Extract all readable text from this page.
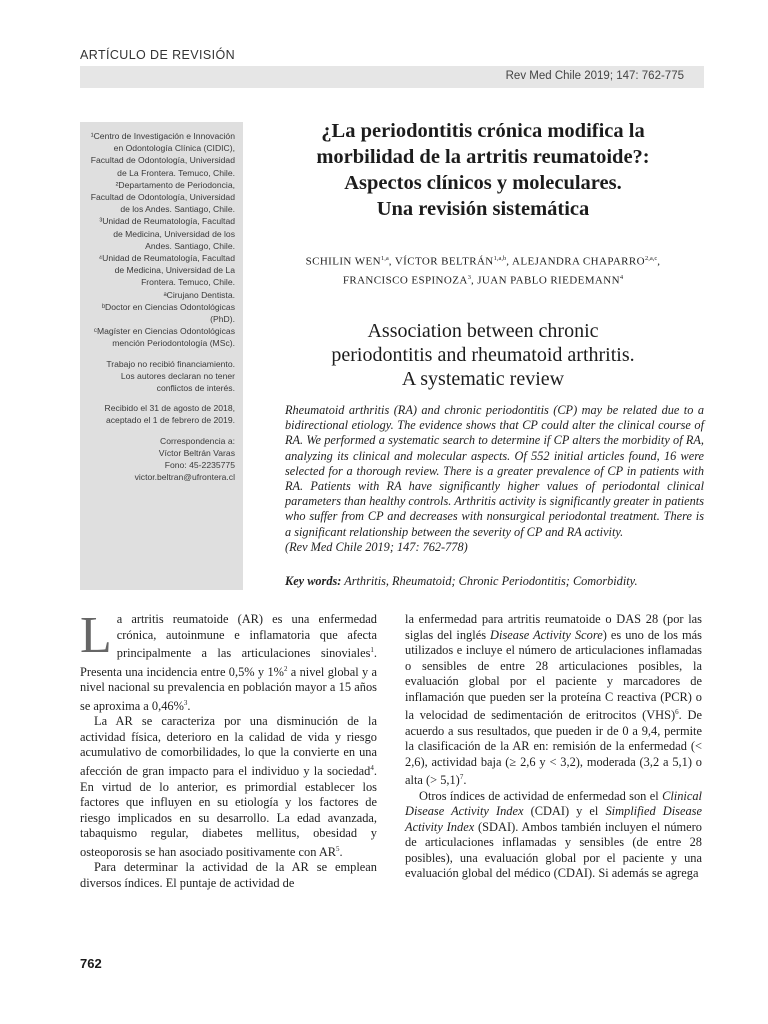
ARTÍCULO DE REVISIÓN
Rev Med Chile 2019; 147: 762-775

¹Centro de Investigación e Innovación en Odontología Clínica (CIDIC), Facultad de Odontología, Universidad de La Frontera. Temuco, Chile.

²Departamento de Periodoncia, Facultad de Odontología, Universidad de los Andes. Santiago, Chile.

³Unidad de Reumatología, Facultad de Medicina, Universidad de los Andes. Santiago, Chile.

⁴Unidad de Reumatología, Facultad de Medicina, Universidad de La Frontera. Temuco, Chile.

ᵃCirujano Dentista.

ᵇDoctor en Ciencias Odontológicas (PhD).

ᶜMagíster en Ciencias Odontológicas mención Periodontología (MSc).

Trabajo no recibió financiamiento.

Los autores declaran no tener conflictos de interés.

Recibido el 31 de agosto de 2018, aceptado el 1 de febrero de 2019.

Correspondencia a:

Víctor Beltrán Varas

Fono: 45-2235775

victor.beltran@ufrontera.cl

¿La periodontitis crónica modifica la
morbilidad de la artritis reumatoide?:
Aspectos clínicos y moleculares.
Una revisión sistemática
SCHILIN WEN$^{1,a}$, VÍCTOR BELTRÁN$^{1,a,b}$, ALEJANDRA CHAPARRO$^{2,a,c}$,
FRANCISCO ESPINOZA$^3$, JUAN PABLO RIEDEMANN$^4$
Association between chronic
periodontitis and rheumatoid arthritis.
A systematic review

Rheumatoid arthritis (RA) and chronic periodontitis (CP) may be related due to a bidirectional etiology. The evidence shows that CP could alter the clinical course of RA. We performed a systematic search to determine if CP alters the morbidity of RA, analyzing its clinical and molecular aspects. Of 552 initial articles found, 16 were selected for a thorough review. There is a greater prevalence of CP in patients with RA. Patients with RA have significantly higher values of periodontal clinical parameters than healthy controls. Arthritis activity is significantly greater in patients who suffer from CP and decreases with nonsurgical periodontal treatment. There is a significant relationship between the severity of CP and RA activity.
(Rev Med Chile 2019; 147: 762-778)

Key words: Arthritis, Rheumatoid; Chronic Periodontitis; Comorbidity.

La artritis reumatoide (AR) es una enfermedad crónica, autoinmune e inflamatoria que afecta principalmente a las articulaciones sinoviales$^1$. Presenta una incidencia entre 0,5% y 1%$^2$ a nivel global y a nivel nacional su prevalencia en población mayor a 15 años se aproxima a 0,46%$^3$.

La AR se caracteriza por una disminución de la actividad física, deterioro en la calidad de vida y riesgo acumulativo de comorbilidades, lo que la convierte en una afección de gran impacto para el individuo y la sociedad$^4$. En virtud de lo anterior, es primordial establecer los factores que influyen en su etiología y los factores de riesgo implicados en su desarrollo. La edad avanzada, tabaquismo regular, diabetes mellitus, obesidad y osteoporosis se han asociado positivamente con $AR^5$.

Para determinar la actividad de la AR se emplean diversos índices. El puntaje de actividad de

la enfermedad para artritis reumatoide o DAS 28 (por las siglas del inglés Disease Activity Score) es uno de los más utilizados e incluye el número de articulaciones inflamadas o sensibles de entre 28 articulaciones posibles, la evaluación global por el paciente y marcadores de inflamación que pueden ser la proteína C reactiva (PCR) o la velocidad de sedimentación de eritrocitos (VHS)$^6$. De acuerdo a sus resultados, que pueden ir de 0 a 9,4, permite la clasificación de la AR en: remisión de la enfermedad (< 2,6), actividad baja (≥ 2,6 y < 3,2), moderada (3,2 a 5,1) o alta (> 5,1)$^7$.

Otros índices de actividad de enfermedad son el Clinical Disease Activity Index (CDAI) y el Simplified Disease Activity Index (SDAI). Ambos también incluyen el número de articulaciones inflamadas y sensibles (de entre 28 posibles), una evaluación global por el paciente y una evaluación global del médico (CDAI). Si además se agrega

762
